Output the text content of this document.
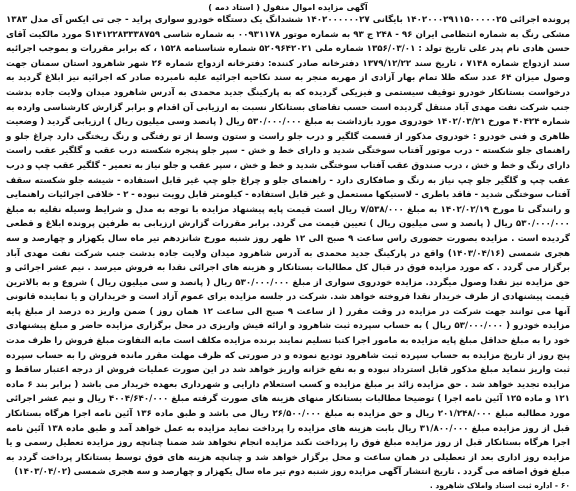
آگهی مزایده اموال منقول ( استاد دمه )

پرونده اجرائی ۱۴۰۲۰۰۰۲۹۱۱۵۰۰۰۰۰۲۵ بایگانی ۱۴۰۲۰۰۰۰۰۰۲۷ ششدانگ یک دستگاه خودرو سواری پراید - جی تی ایکس آی مدل ۱۳۸۳ مشکی رنگ به شماره انتظامی ایران ۹۶ - ۲۴۸ ج ۹۳ به شماره موتور ۰۰۹۳۱۱۷۸ به شماره شاسی S۱۴۱۲۲۸۳۳۳۸۷۵۹ مورد مالکیت آقای حسن هادی نام پدر علی تاریخ تولد : ۱۳۵۶/۰۳/۰۱ شماره ملی ۵۲۰۹۶۴۲۰۲۱ شماره شناسنامه ۱۵۲۸ ، که برابر مقررات و بموجب اجرائیه سند ازدواج شماره ۷۱۴۸ ، تاریخ سند ۱۳۷۹/۱۲/۲۲ دفترخانه صادر کننده: دفترخانه ازدواج شماره ۲۶ شهر شاهرود استان سمنان جهت وصول میزان ۶۴ عدد سکه طلا تمام بهار آزادی از مهریه منجر به سند نکاحیه اجرائیه علیه نامبرده صادر که اجرائیه نیز ابلاغ گردید به درخواست بستانکار خودرو توقیف سیستمی و فیزیکی گردیده که به پارکینگ جدید محمدی به آدرس شاهرود میدان ولایت جاده بدشت جنب شرکت نفت مهدی آباد منتقل گردیده است حسب تقاضای بستانکار نسبت به ارزیابی آن اقدام و برابر گزارش کارشناسی وارده به شماره ۴۰۴۲۴ مورخ ۱۴۰۲/۰۳/۲۱ خودروی مورد بازداشت به مبلغ ۵۳۰/۰۰۰/۰۰۰ ریال ( پانصد وسی میلیون ریال ) ارزیابی گردید ( وضعیت ظاهری و فنی خودرو : خودروی مذکور از قسمت گلگیر و درب جلو راست و ستون وسط از تو رفتگی و رنگ ریختگی دارد چراغ جلو و راهنمای جلو شکسته - درب موتور آفتاب سوختگی شدید و دارای خط و خش - سپر جلو پنجره شکسته درب عقب و گلگیر عقب راست دارای رنگ و خط و خش ، درب صندوق عقب آفتاب سوختگی شدید و خط و خش ، سپر عقب و جلو نیاز به تعمیر - گلگیر عقب چپ و درب عقب چپ و گلگیر جلو چپ نیاز به رنگ و صافکاری دارد - راهنمای جلو و چراغ جلو چپ غیر قابل استفاده - شیشه جلو شکسته سقف آفتاب سوختگی شدید - فاقد باطری - لاستیکها مستعمل و غیر قابل استفاده - کیلومتر قابل رویت نبوده - ۲ - خلافی اجرائیات راهنمایی و رانندگی تا مورخ ۱۴۰۲/۰۲/۱۹ به مبلغ ۷/۵۳۸/۰۰۰ ریال است قیمت پایه پیشنهاد مزایده با توجه به مدل و شرایط وسیله نقلیه به مبلغ ۵۳۰/۰۰۰/۰۰۰ ریال ( پانصد و سی میلیون ریال ) تعیین قیمت می گردد. برابر مقررات گزارش ارزیابی به طرفین پرونده ابلاغ و قطعی گردیده است . مزایده بصورت حضوری راس ساعت ۹ صبح الی ۱۲ ظهر روز شنبه مورخ شانزدهم تیر ماه سال یکهزار و چهارصد و سه هجری شمسی (۱۴۰۳/۰۴/۱۶) واقع در پارکینگ جدید محمدی به آدرس شاهرود میدان ولایت جاده بدشت جنب شرکت نفت مهدی آباد برگزار می گردد . که مورد مزایده فوق در قبال کل مطالبات بستانکار و هزینه های اجرائی نقدا به فروش میرسد . نیم عشر اجرائی و حق مزایده نیز نقدا وصول میگردد. مزایده خودروی سواری از مبلغ ۵۳۰/۰۰۰/۰۰۰ ریال ( پانصد و سی میلیون ریال ) شروع و به بالاترین قیمت پیشنهادی از طرف خریدار نقدا فروخته خواهد شد. شرکت در جلسه مزایده برای عموم آزاد است و خریداران و یا نماینده قانونی آنها می توانند جهت شرکت در مزایده در وقت مقرر ( از ساعت ۹ صبح الی ساعت ۱۲ همان روز ) ضمن واریز ده درصد از مبلغ پایه مزایده خودرو ( ۵۳/۰۰۰/۰۰۰ ریال ) به حساب سپرده ثبت شاهرود و ارائه فیش واریزی در محل برگزاری مزایده حاضر و مبلغ پیشنهادی خود را به مبلغ حداقل مبلغ پایه مزایده به مامور اجرا کتبا تسلیم نمایند برنده مزایده مکلف است مابه التفاوت مبلغ فروش را ظرف مدت پنج روز از تاریخ مزایده به حساب سپرده ثبت شاهرود تودیع نموده و در صورتی که ظرف مهلت مقرر مانده فروش را به حساب سپرده ثبت واریز ننماید مبلغ مذکور قابل استرداد نبوده و به نفع خزانه واریز خواهد شد در این صورت عملیات فروش از درجه اعتبار ساقط و مزایده تجدید خواهد شد . حق مزایده زائد بر مبلغ مزایده و کسب استعلام دارایی و شهرداری بعهده خریدار می باشد ( برابر بند ۶ ماده ۱۲۱ و ماده ۱۲۵ آئین نامه اجرا ) توضیحا مطالبات بستانکار منهای هزینه های صورت گرفته مبلغ ۴۰۰۴/۶۴۰/۰۰۰ ریال و نیم عشر اجرائی مورد مطالبه مبلغ ۲۰۱/۲۴۸/۰۰۰ ریال و حق مزایده به مبلغ ۲۶/۵۰۰/۰۰۰ ریال می باشد و طبق ماده ۱۳۶ آئین نامه اجرا هرگاه بستانکار قبل از روز مزایده مبلغ ۳۱/۸۰۰/۰۰۰ ریال بابت هزینه های مزایده را پرداخت نماید مزایده به عمل خواهد آمد و طبق ماده ۱۳۸ آئین نامه اجرا هرگاه بستانکار قبل از روز مزایده مبلغ فوق را پرداخت نکند مزایده انجام نخواهد شد ضمنا چنانچه روز مزایده تعطیل رسمی و یا مزایده روز اداری بعد از تعطیلی در همان ساعت و محل برگزار خواهد شد و چنانچه هزینه های فوق توسط بستانکار پرداخت گردد به مبلغ فوق اضافه می گردد . تاریخ انتشار آگهی مزایده روز شنبه دوم تیر ماه سال یکهزار و چهارصد و سه هجری شمسی (۱۴۰۳/۰۴/۰۲)

۶۰ - اداره ثبت اسناد واملاک شاهرود .
